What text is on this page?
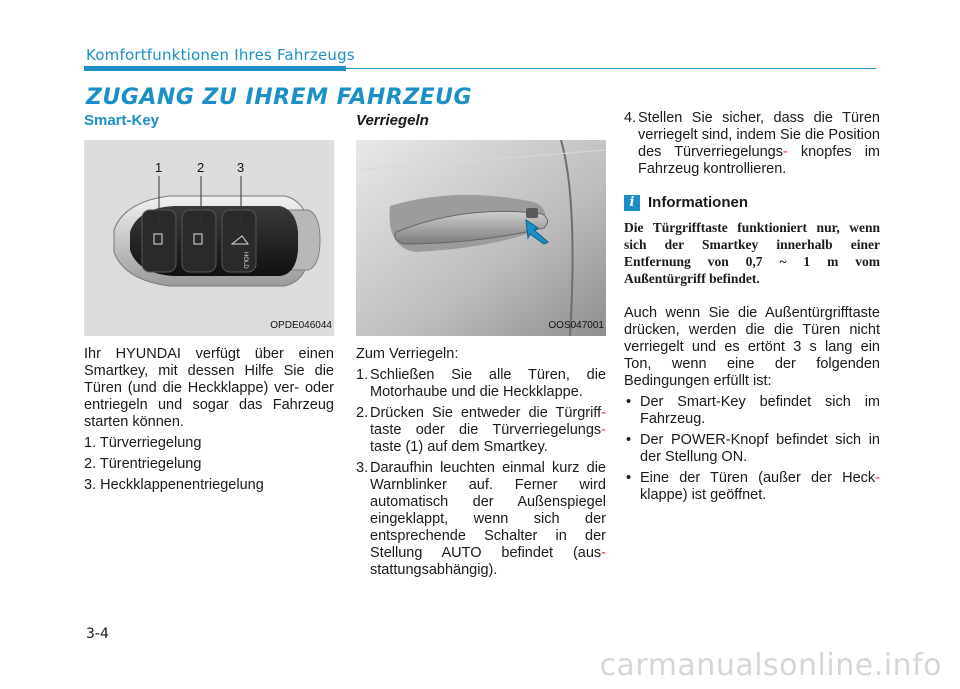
Komfortfunktionen Ihres Fahrzeugs
ZUGANG ZU IHREM FAHRZEUG
Smart-Key
HOLD
1	2	3
OPDE046044

Ihr HYUNDAI verfügt über einen Smartkey, mit dessen Hilfe Sie die Türen (und die Heckklappe) ver- oder entriegeln und sogar das Fahrzeug starten können.

1. Türverriegelung
2. Türentriegelung
3. Heckklappenentriegelung
Verriegeln
OOS047001

Zum Verriegeln:

1. Schließen Sie alle Türen, die Motorhaube und die Heckklappe.
2. Drücken Sie entweder die Türgriff- taste oder die Türverriegelungs- taste (1) auf dem Smartkey.
3. Daraufhin leuchten einmal kurz die Warnblinker auf. Ferner wird automatisch der Außenspiegel eingeklappt, wenn sich der entsprechende Schalter in der Stellung AUTO befindet (aus- stattungsabhängig).
4. Stellen Sie sicher, dass die Türen verriegelt sind, indem Sie die Position des Türverriegelungs- knopfes im Fahrzeug kontrollieren.
i Informationen

Die Türgrifftaste funktioniert nur, wenn sich der Smartkey innerhalb einer Entfernung von 0,7 ~ 1 m vom Außentürgriff befindet.

Auch wenn Sie die Außentürgrifftaste drücken, werden die die Türen nicht verriegelt und es ertönt 3 s lang ein Ton, wenn eine der folgenden Bedingungen erfüllt ist:

• Der Smart-Key befindet sich im Fahrzeug.
• Der POWER-Knopf befindet sich in der Stellung ON.
• Eine der Türen (außer der Heck- klappe) ist geöffnet.
3-4
carmanualsonline.info
